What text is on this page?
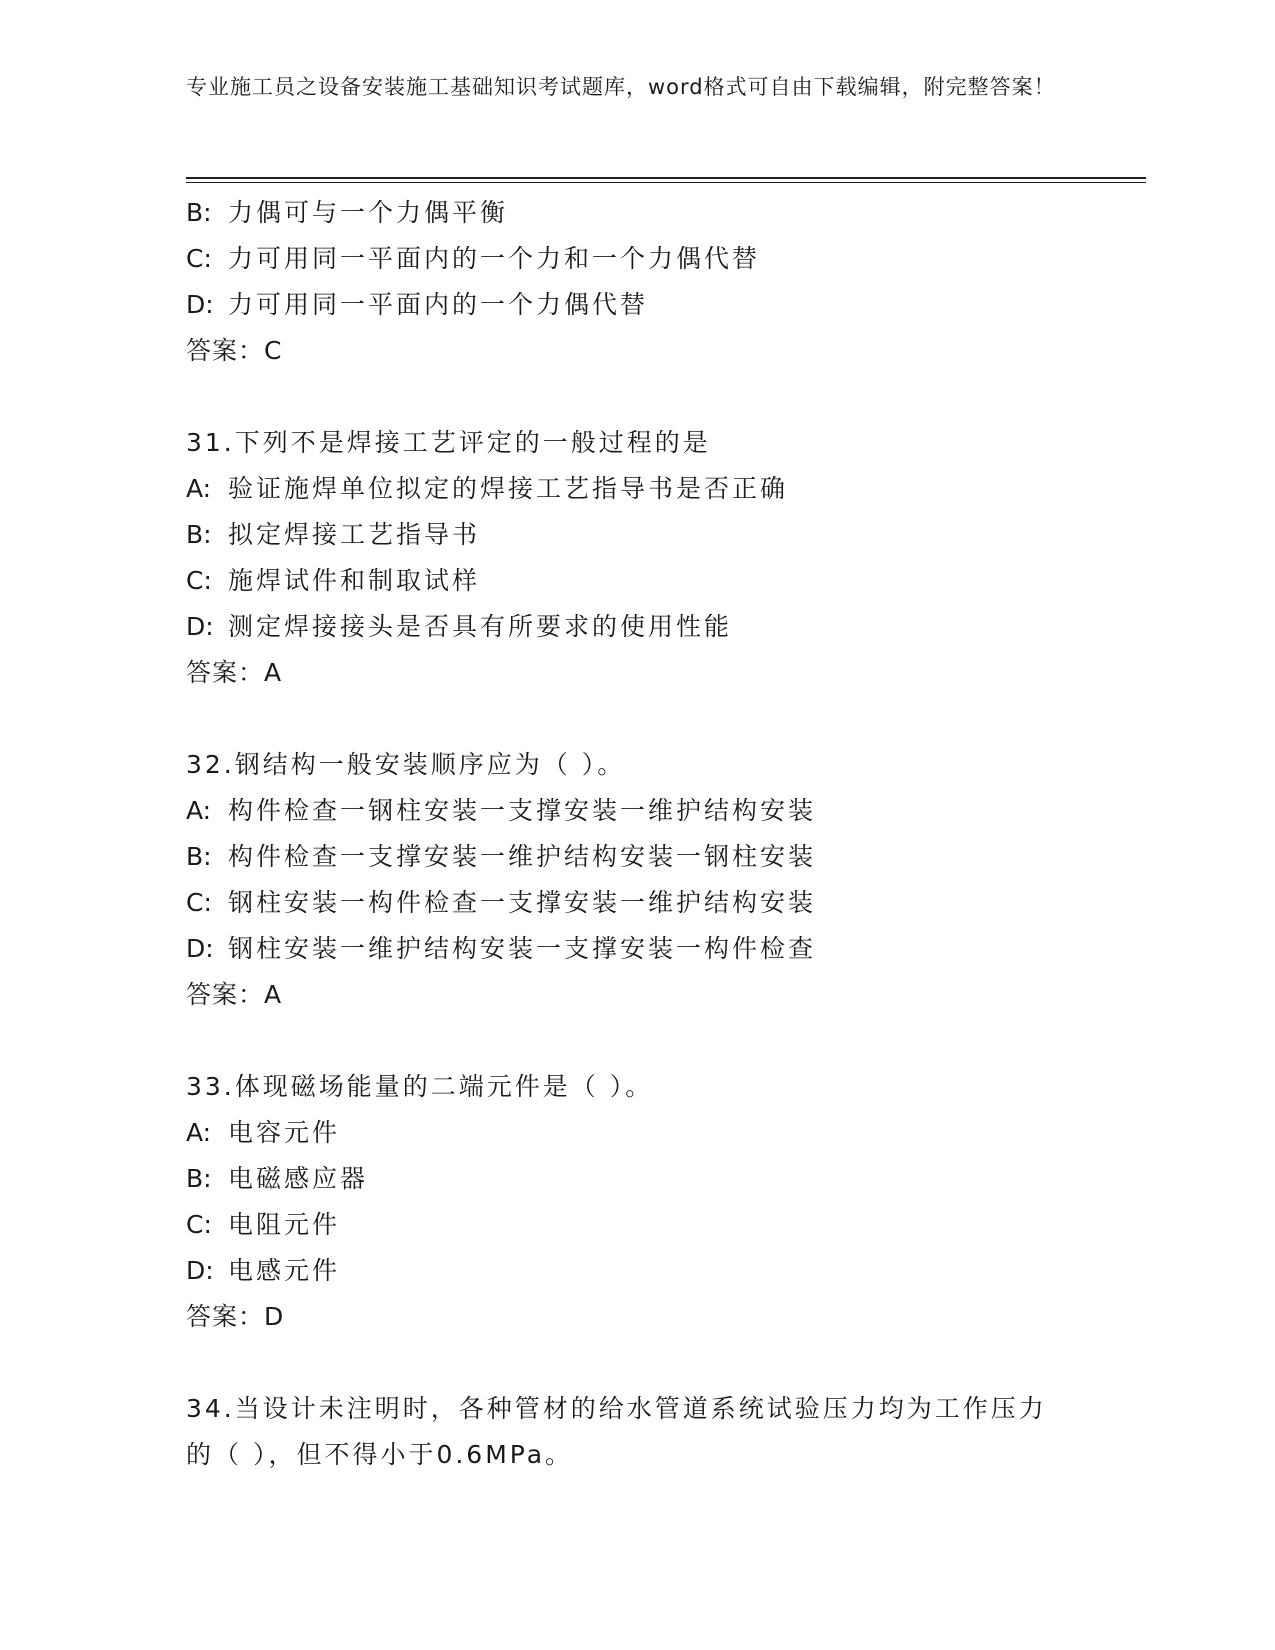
专业施工员之设备安装施工基础知识考试题库，word格式可自由下载编辑，附完整答案！
B: 力偶可与一个力偶平衡
C: 力可用同一平面内的一个力和一个力偶代替
D: 力可用同一平面内的一个力偶代替
答案：C
31.下列不是焊接工艺评定的一般过程的是
A: 验证施焊单位拟定的焊接工艺指导书是否正确
B: 拟定焊接工艺指导书
C: 施焊试件和制取试样
D: 测定焊接接头是否具有所要求的使用性能
答案：A
32.钢结构一般安装顺序应为（ ）。
A: 构件检查一钢柱安装一支撑安装一维护结构安装
B: 构件检查一支撑安装一维护结构安装一钢柱安装
C: 钢柱安装一构件检查一支撑安装一维护结构安装
D: 钢柱安装一维护结构安装一支撑安装一构件检查
答案：A
33.体现磁场能量的二端元件是（ ）。
A: 电容元件
B: 电磁感应器
C: 电阻元件
D: 电感元件
答案：D
34.当设计未注明时，各种管材的给水管道系统试验压力均为工作压力的（ ），但不得小于0.6MPa。
